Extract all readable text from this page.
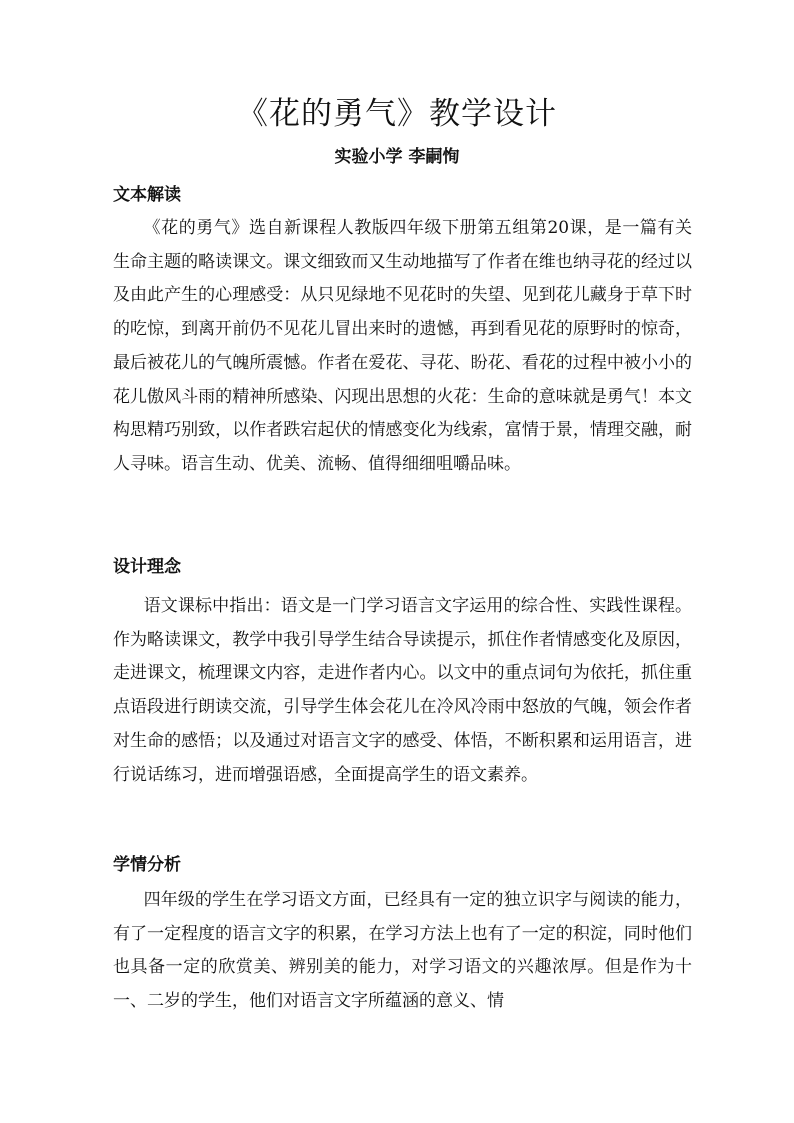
《花的勇气》教学设计

实验小学 李嗣恂

文本解读

《花的勇气》选自新课程人教版四年级下册第五组第20课，是一篇有关生命主题的略读课文。课文细致而又生动地描写了作者在维也纳寻花的经过以及由此产生的心理感受：从只见绿地不见花时的失望、见到花儿藏身于草下时的吃惊，到离开前仍不见花儿冒出来时的遗憾，再到看见花的原野时的惊奇，最后被花儿的气魄所震憾。作者在爱花、寻花、盼花、看花的过程中被小小的花儿傲风斗雨的精神所感染、闪现出思想的火花：生命的意味就是勇气！本文构思精巧别致，以作者跌宕起伏的情感变化为线索，富情于景，情理交融，耐人寻味。语言生动、优美、流畅、值得细细咀嚼品味。

设计理念

语文课标中指出：语文是一门学习语言文字运用的综合性、实践性课程。作为略读课文，教学中我引导学生结合导读提示，抓住作者情感变化及原因，走进课文，梳理课文内容，走进作者内心。以文中的重点词句为依托，抓住重点语段进行朗读交流，引导学生体会花儿在冷风冷雨中怒放的气魄，领会作者对生命的感悟；以及通过对语言文字的感受、体悟，不断积累和运用语言，进行说话练习，进而增强语感，全面提高学生的语文素养。

学情分析

四年级的学生在学习语文方面，已经具有一定的独立识字与阅读的能力，有了一定程度的语言文字的积累，在学习方法上也有了一定的积淀，同时他们也具备一定的欣赏美、辨别美的能力，对学习语文的兴趣浓厚。但是作为十一、二岁的学生，他们对语言文字所蕴涵的意义、情
